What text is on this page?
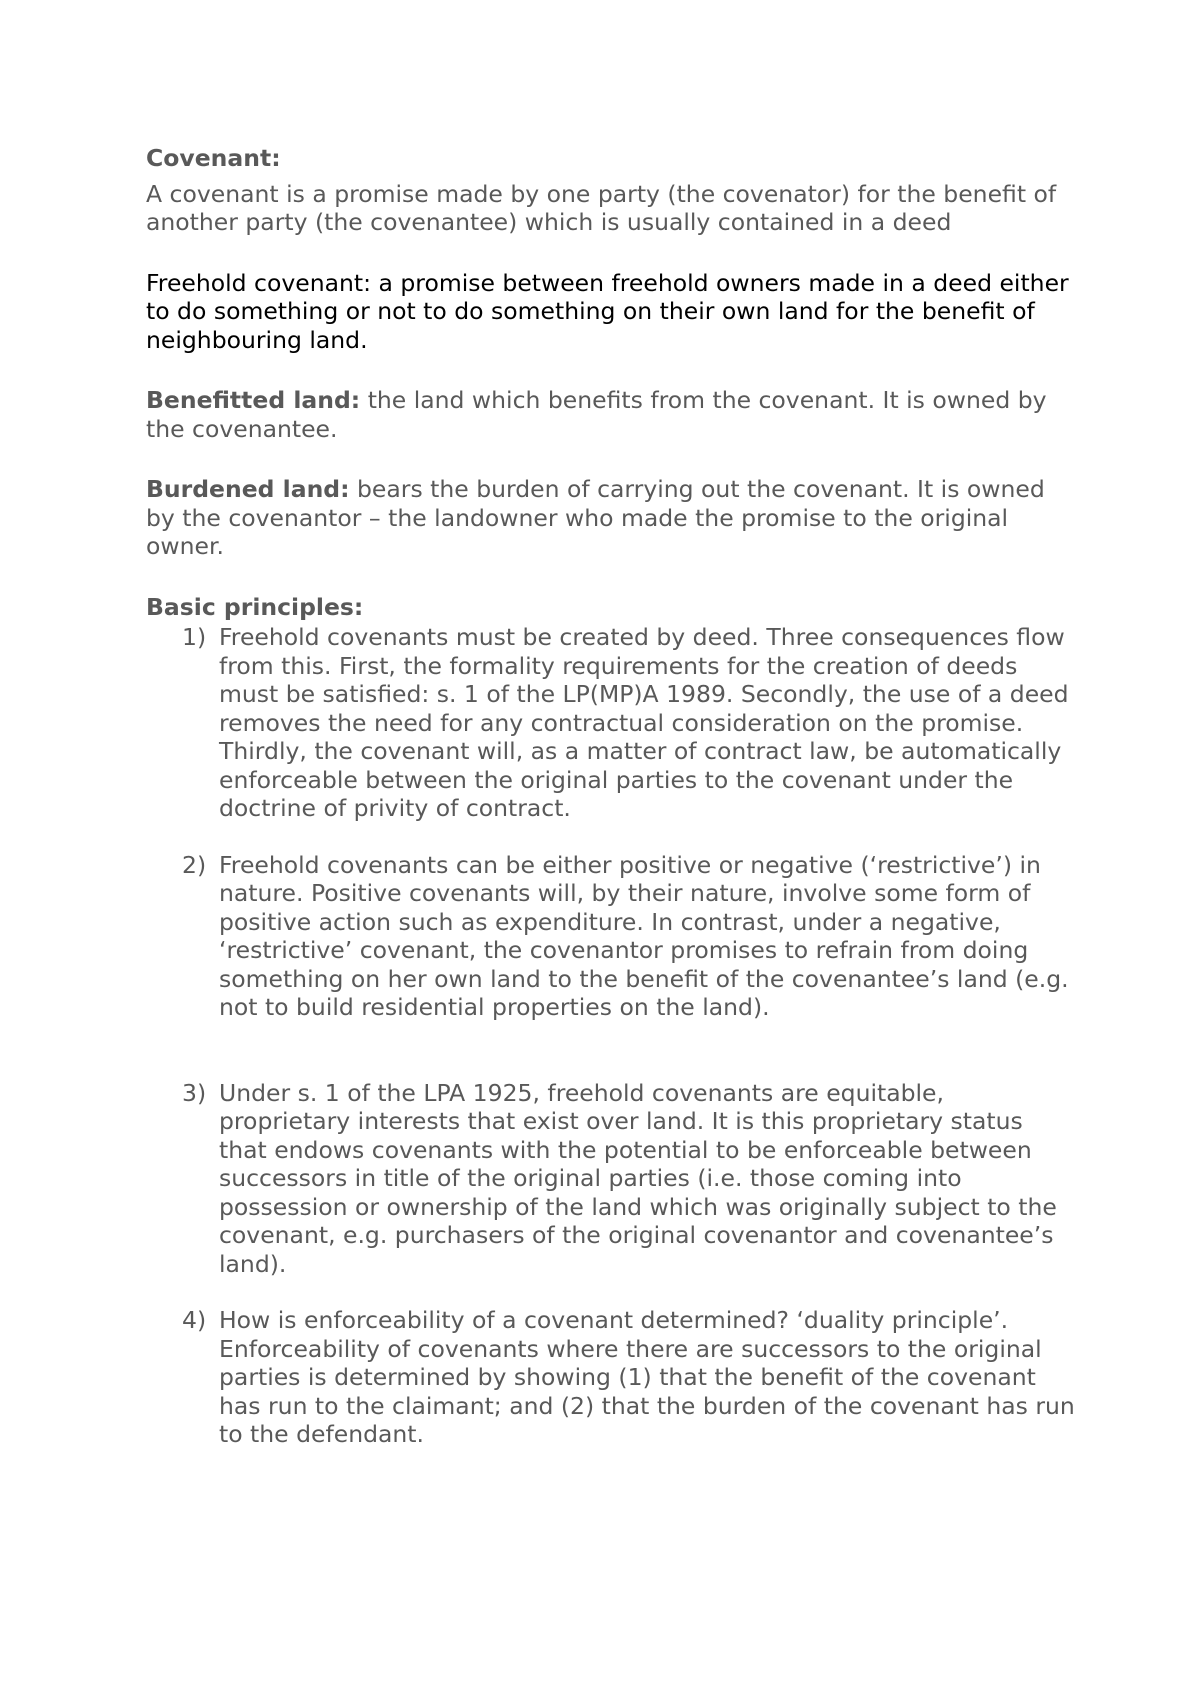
Covenant:

A covenant is a promise made by one party (the covenator) for the benefit of another party (the covenantee) which is usually contained in a deed

Freehold covenant: a promise between freehold owners made in a deed either to do something or not to do something on their own land for the benefit of neighbouring land.

Benefitted land: the land which benefits from the covenant. It is owned by the covenantee.

Burdened land: bears the burden of carrying out the covenant. It is owned by the covenantor – the landowner who made the promise to the original owner.

Basic principles:

1) Freehold covenants must be created by deed. Three consequences flow from this. First, the formality requirements for the creation of deeds must be satisfied: s. 1 of the LP(MP)A 1989. Secondly, the use of a deed removes the need for any contractual consideration on the promise. Thirdly, the covenant will, as a matter of contract law, be automatically enforceable between the original parties to the covenant under the doctrine of privity of contract.
2) Freehold covenants can be either positive or negative (‘restrictive’) in nature. Positive covenants will, by their nature, involve some form of positive action such as expenditure. In contrast, under a negative, ‘restrictive’ covenant, the covenantor promises to refrain from doing something on her own land to the benefit of the covenantee’s land (e.g. not to build residential properties on the land).
3) Under s. 1 of the LPA 1925, freehold covenants are equitable, proprietary interests that exist over land. It is this proprietary status that endows covenants with the potential to be enforceable between successors in title of the original parties (i.e. those coming into possession or ownership of the land which was originally subject to the covenant, e.g. purchasers of the original covenantor and covenantee’s land).
4) How is enforceability of a covenant determined? ‘duality principle’. Enforceability of covenants where there are successors to the original parties is determined by showing (1) that the benefit of the covenant has run to the claimant; and (2) that the burden of the covenant has run to the defendant.
